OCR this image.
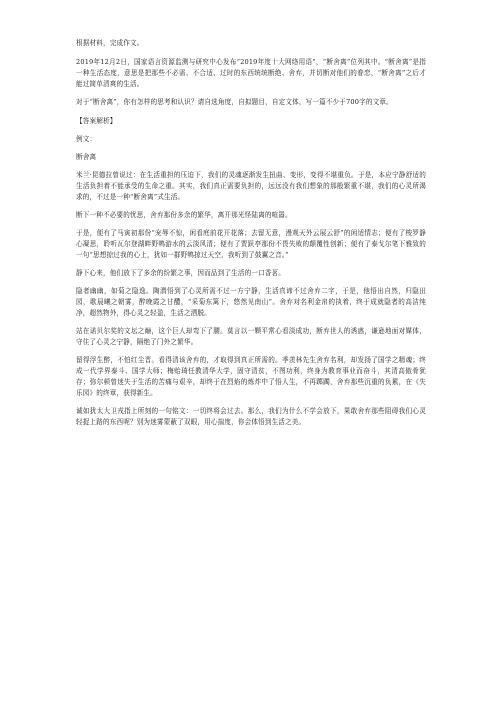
根据材料，完成作文。

2019年12月2日，国家语言资源监测与研究中心发布“2019年度十大网络用语”，“断舍离”位列其中。“断舍离”是指一种生活态度，意思是把那些不必需、不合适、过时的东西统统断绝、舍弃，并切断对他们的眷恋，“断舍离”之后才能过简单清爽的生活。

对于“断舍离”，你有怎样的思考和认识？请自选角度，自拟题目，自定文体，写一篇不少于700字的文章。

【答案解析】

例文：

断舍离

米兰·昆德拉曾说过：在生活重担的压迫下，我们的灵魂逐渐发生扭曲、变形，变得不堪重负。于是，本应宁静舒适的生活负担着不能承受的生命之重。其实，我们真正需要负担的，远远没有我们想象的那般繁重不堪，我们的心灵所渴求的，不过是一种“断舍离”式生活。

断下一种不必要的忧思，舍弃那份多余的繁华，离开那光怪陆离的喧嚣。

于是，便有了马寅初那份“宠辱不惊，闲看庭前花开花落；去留无意，漫观天外云展云舒”的闲适情志；便有了梭罗静心凝思，聆听瓦尔登湖畔野鸭游水的云淡风清；便有了贾跃亭那份不畏失败的颠覆性创新；便有了泰戈尔笔下雅致的一句“思想掠过我的心上，犹如一群野鸭掠过天空，我听到了鼓翼之音。”

静下心来，他们放下了多余的纷繁之事，因而品到了生活的一口香茗。

隐者幽幽，如菊之隐逸。陶潜悟到了心灵所需不过一方宁静，生活真谛不过舍弃二字，于是，他悟出自然，归隐田园，歌晨曦之朝雾，醉晚霞之甘醴，“采菊东篱下，悠然见南山”。舍弃对名利金帛的执着，终于成就隐者的高洁纯净，超然物外，得心灵之轻盈，生活之洒脱。

站在诺贝尔奖的文坛之巅，这个巨人却弯下了腰。莫言以一颗平常心看淡成功，断弃世人的诱惑，谦逊地面对媒体，守住了心灵之宁静，隔绝了门外之繁华。

留得浮生醉，不怕红尘晋。看得清该舍弃的，才取得到真正所需的。季羡林先生舍弃名利，却发扬了国学之精魂；终成一代学界泰斗、国学大师；梅贻琦任教清华大学，固守清贫，不图功利，终身为教育事业而奋斗，其清高傲骨犹存；弥尔顿曾迷失于生活的苦痛与艰辛，却终于在烈焰的炼炸中了悟人生，不再踯躅，舍弃那些沉重的负累，在《失乐园》的终章，获得新生。

诚如犹太大卫戎指上所刻的一句铭文：一切终将会过去。那么，我们为什么不学会放下，果敢舍弃那些阻碍我们心灵轻捉上路的东西呢？别为迷雾蒙蔽了双眼，用心揣度，你会体悟到生活之美。
